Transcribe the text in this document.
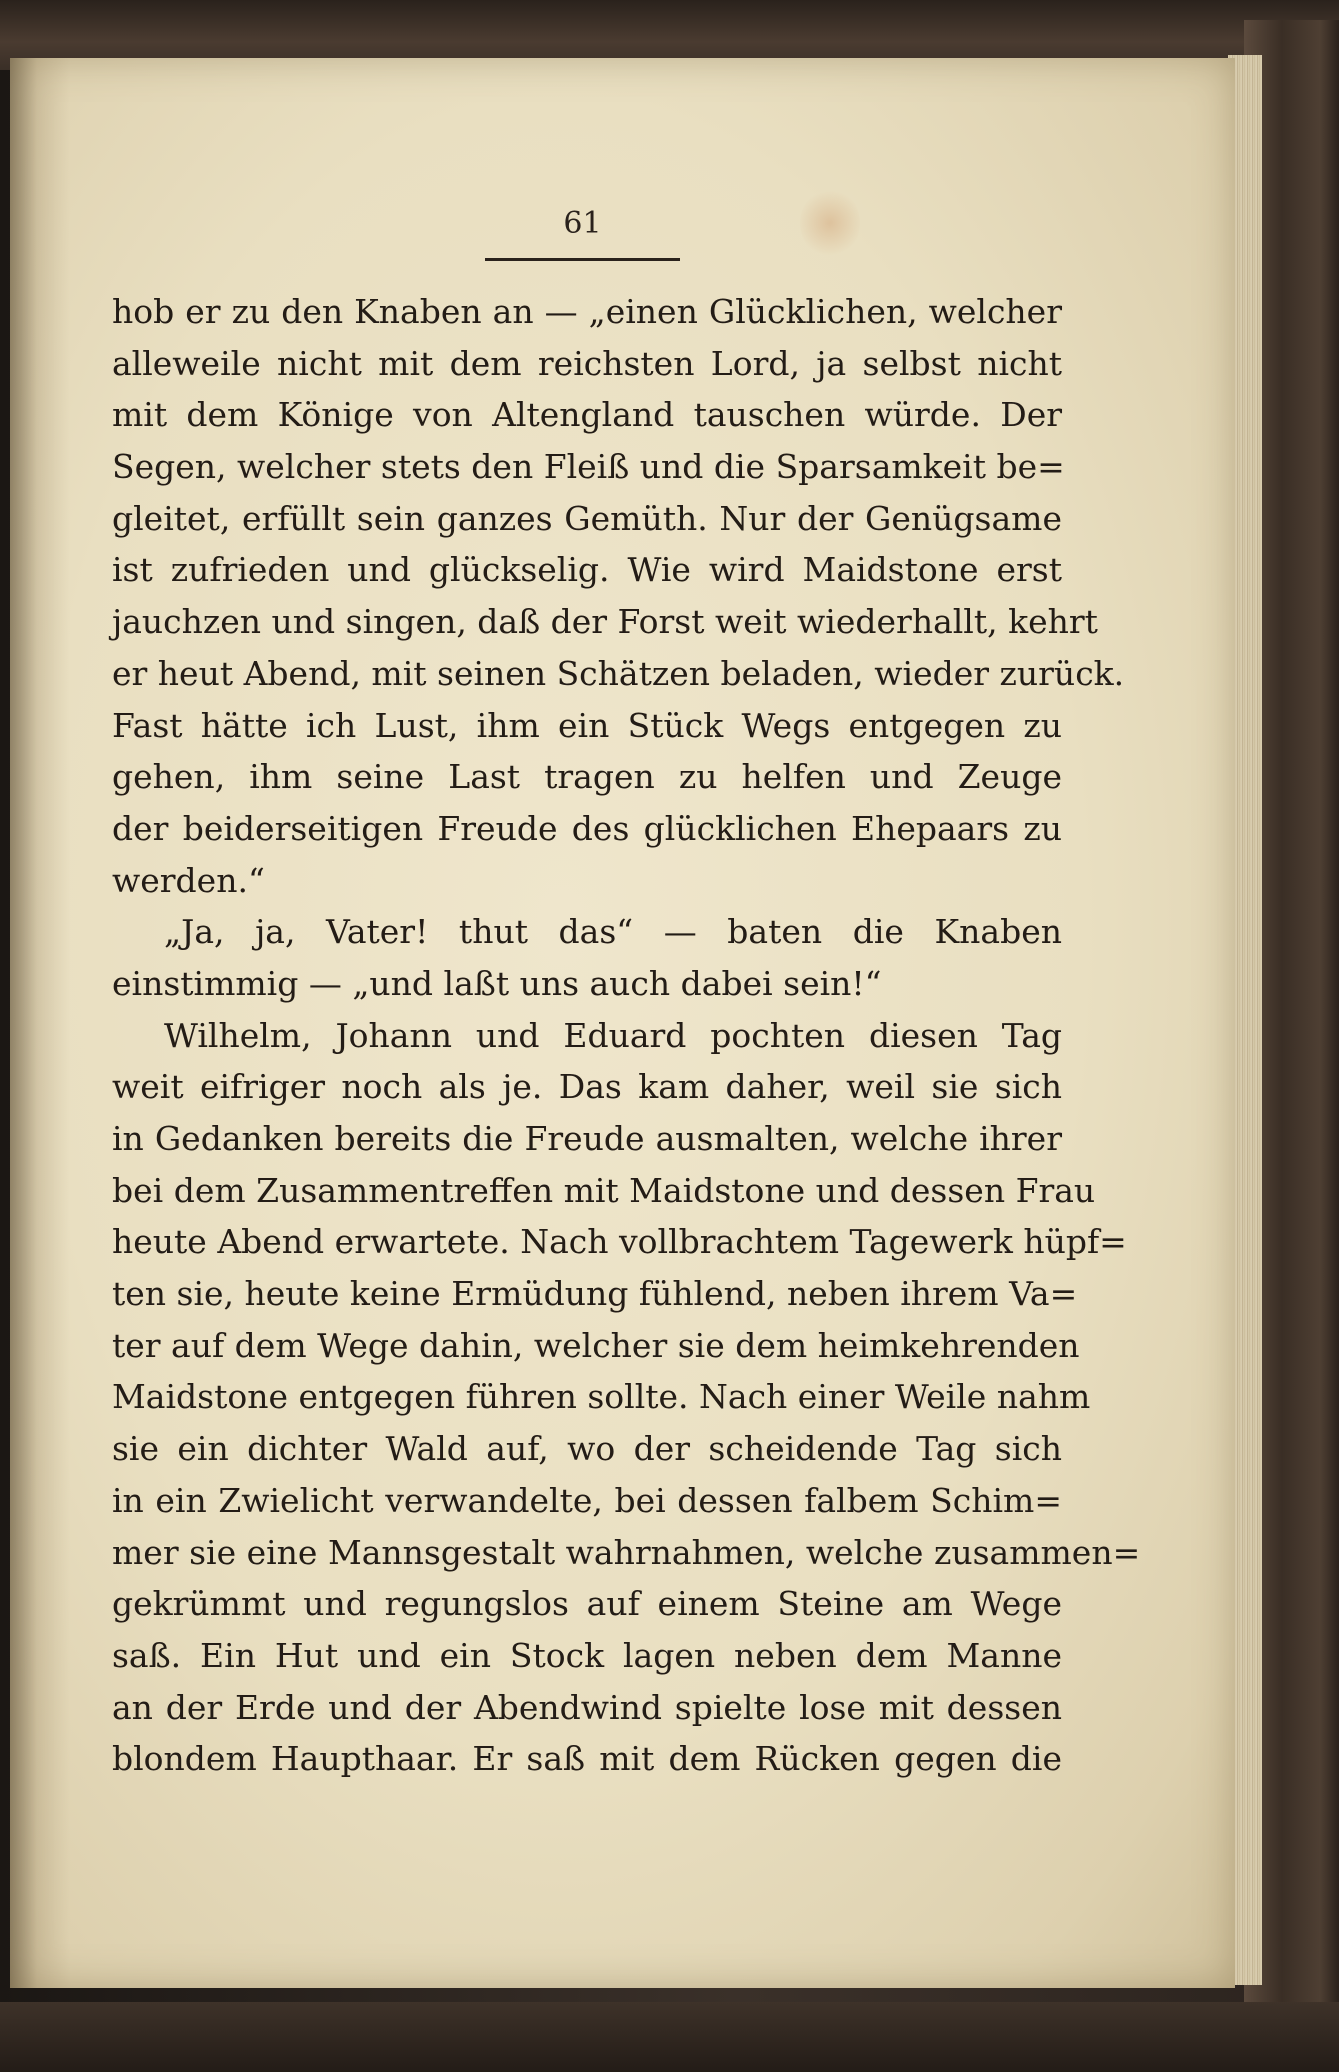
61
hob er zu den Knaben an — „einen Glücklichen, welcher
alleweile nicht mit dem reichsten Lord, ja selbst nicht
mit dem Könige von Altengland tauschen würde. Der
Segen, welcher stets den Fleiß und die Sparsamkeit be=
gleitet, erfüllt sein ganzes Gemüth. Nur der Genügsame
ist zufrieden und glückselig. Wie wird Maidstone erst
jauchzen und singen, daß der Forst weit wiederhallt, kehrt
er heut Abend, mit seinen Schätzen beladen, wieder zurück.
Fast hätte ich Lust, ihm ein Stück Wegs entgegen zu
gehen, ihm seine Last tragen zu helfen und Zeuge
der beiderseitigen Freude des glücklichen Ehepaars zu
werden.“
„Ja, ja, Vater! thut das“ — baten die Knaben
einstimmig — „und laßt uns auch dabei sein!“
Wilhelm, Johann und Eduard pochten diesen Tag
weit eifriger noch als je. Das kam daher, weil sie sich
in Gedanken bereits die Freude ausmalten, welche ihrer
bei dem Zusammentreffen mit Maidstone und dessen Frau
heute Abend erwartete. Nach vollbrachtem Tagewerk hüpf=
ten sie, heute keine Ermüdung fühlend, neben ihrem Va=
ter auf dem Wege dahin, welcher sie dem heimkehrenden
Maidstone entgegen führen sollte. Nach einer Weile nahm
sie ein dichter Wald auf, wo der scheidende Tag sich
in ein Zwielicht verwandelte, bei dessen falbem Schim=
mer sie eine Mannsgestalt wahrnahmen, welche zusammen=
gekrümmt und regungslos auf einem Steine am Wege
saß. Ein Hut und ein Stock lagen neben dem Manne
an der Erde und der Abendwind spielte lose mit dessen
blondem Haupthaar. Er saß mit dem Rücken gegen die
